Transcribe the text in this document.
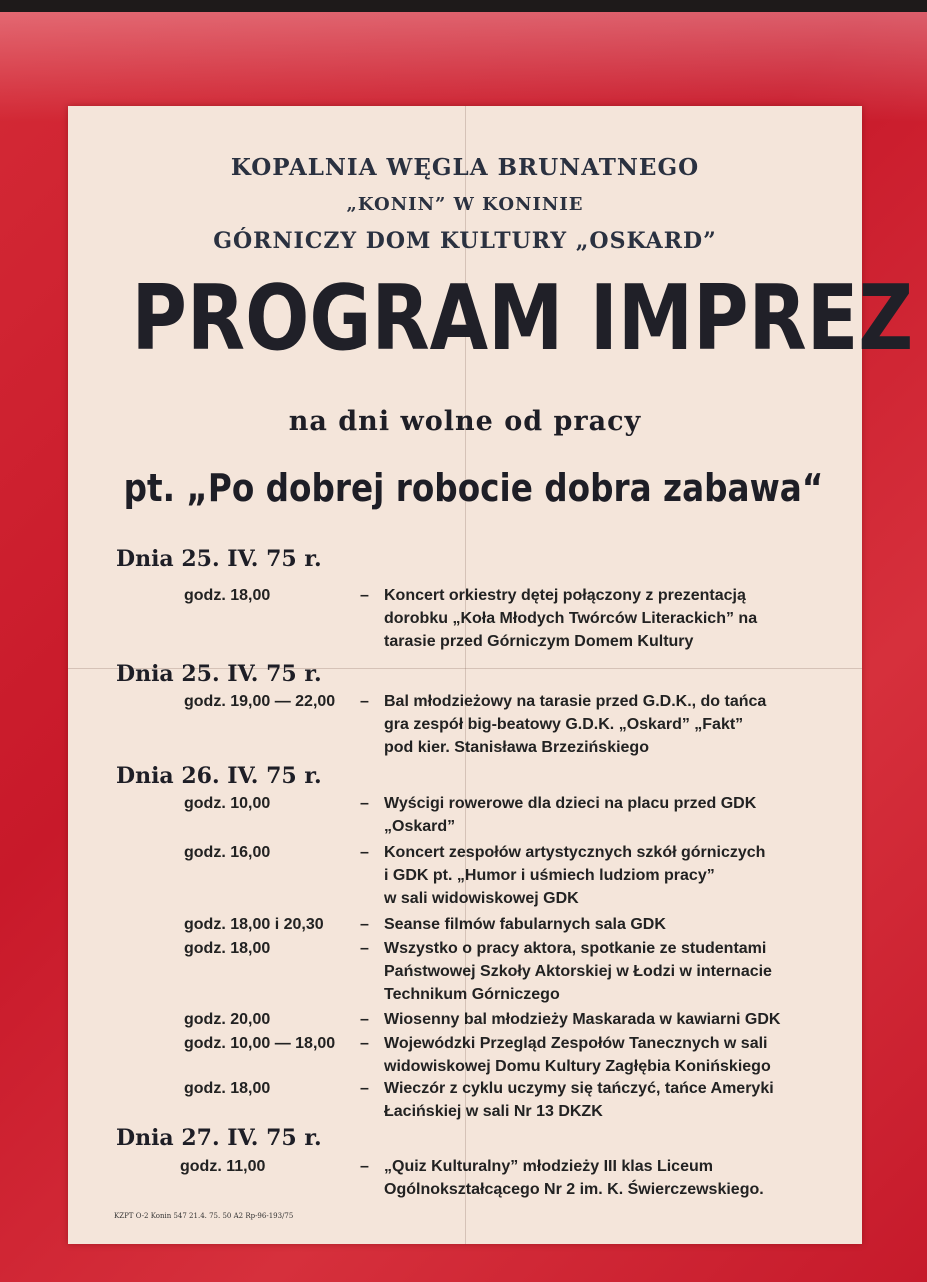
KOPALNIA WĘGLA BRUNATNEGO
„KONIN” W KONINIE
GÓRNICZY DOM KULTURY „OSKARD”
PROGRAM IMPREZ
na dni wolne od pracy
pt. „Po dobrej robocie dobra zabawa“
Dnia 25. IV. 75 r.
godz. 18,00	– Koncert orkiestry dętej połączony z prezentacją
dorobku „Koła Młodych Twórców Literackich” na
tarasie przed Górniczym Domem Kultury
Dnia 25. IV. 75 r.
godz. 19,00 — 22,00 – Bal młodzieżowy na tarasie przed G.D.K., do tańca
gra zespół big-beatowy G.D.K. „Oskard” „Fakt”
pod kier. Stanisława Brzezińskiego
Dnia 26. IV. 75 r.
godz. 10,00	– Wyścigi rowerowe dla dzieci na placu przed GDK
„Oskard”
godz. 16,00	– Koncert zespołów artystycznych szkół górniczych
i GDK pt. „Humor i uśmiech ludziom pracy”
w sali widowiskowej GDK
godz. 18,00 i 20,30 – Seanse filmów fabularnych sala GDK
godz. 18,00	– Wszystko o pracy aktora, spotkanie ze studentami
Państwowej Szkoły Aktorskiej w Łodzi w internacie
Technikum Górniczego
godz. 20,00	– Wiosenny bal młodzieży Maskarada w kawiarni GDK
godz. 10,00 — 18,00 – Wojewódzki Przegląd Zespołów Tanecznych w sali
widowiskowej Domu Kultury Zagłębia Konińskiego
godz. 18,00	– Wieczór z cyklu uczymy się tańczyć, tańce Ameryki
Łacińskiej w sali Nr 13 DKZK
Dnia 27. IV. 75 r.
godz. 11,00	– „Quiz Kulturalny” młodzieży III klas Liceum
Ogólnokształcącego Nr 2 im. K. Świerczewskiego.
KZPT O-2 Konin 547 21.4. 75. 50 A2 Rp-96-193/75
